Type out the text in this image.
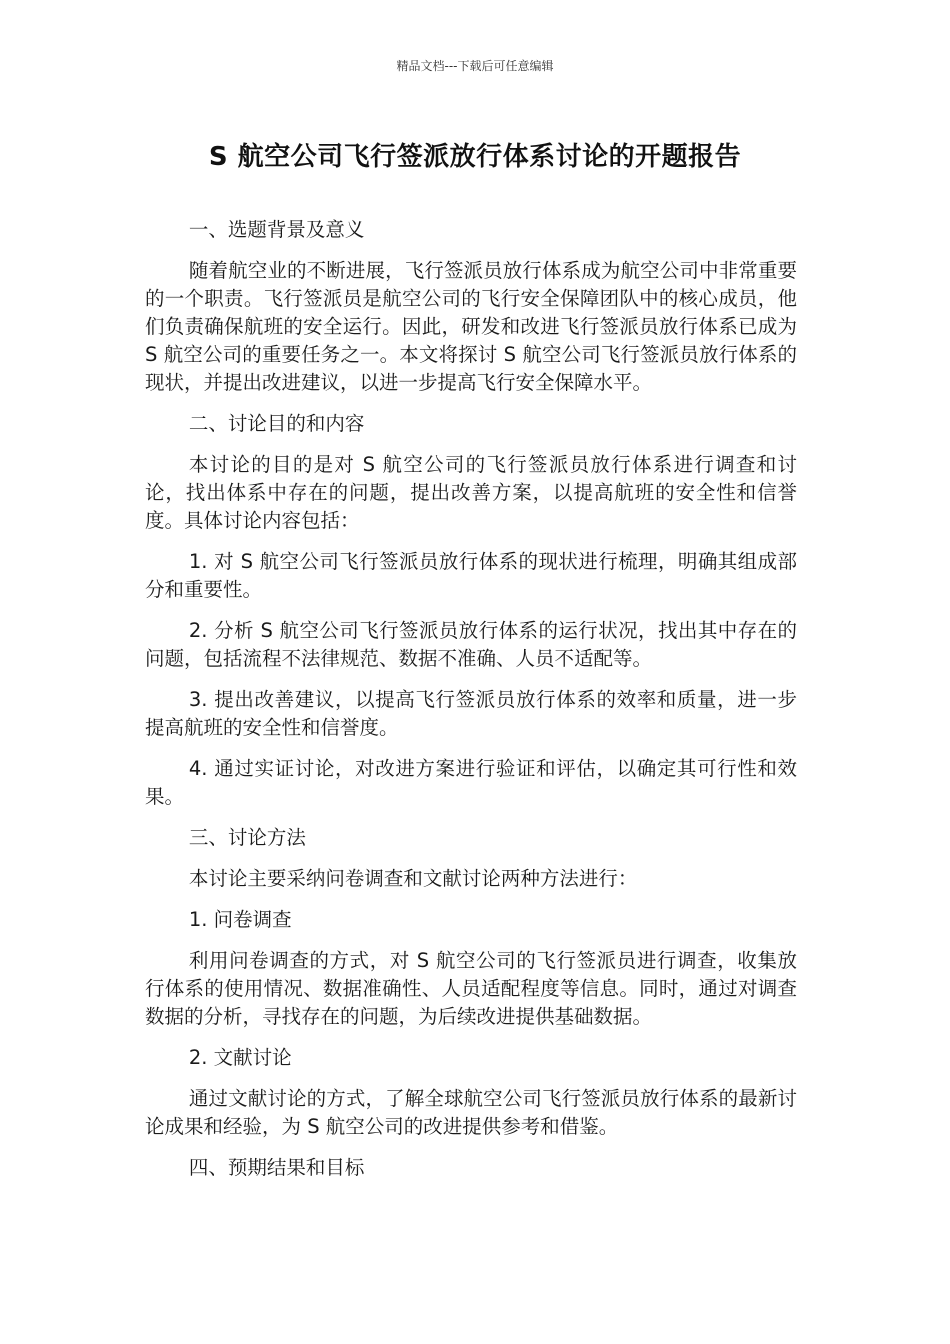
精品文档---下载后可任意编辑
S 航空公司飞行签派放行体系讨论的开题报告

一、选题背景及意义

随着航空业的不断进展，飞行签派员放行体系成为航空公司中非常重要的一个职责。飞行签派员是航空公司的飞行安全保障团队中的核心成员，他们负责确保航班的安全运行。因此，研发和改进飞行签派员放行体系已成为 S 航空公司的重要任务之一。本文将探讨 S 航空公司飞行签派员放行体系的现状，并提出改进建议，以进一步提高飞行安全保障水平。

二、讨论目的和内容

本讨论的目的是对 S 航空公司的飞行签派员放行体系进行调查和讨论，找出体系中存在的问题，提出改善方案，以提高航班的安全性和信誉度。具体讨论内容包括：

1. 对 S 航空公司飞行签派员放行体系的现状进行梳理，明确其组成部分和重要性。

2. 分析 S 航空公司飞行签派员放行体系的运行状况，找出其中存在的问题，包括流程不法律规范、数据不准确、人员不适配等。

3. 提出改善建议，以提高飞行签派员放行体系的效率和质量，进一步提高航班的安全性和信誉度。

4. 通过实证讨论，对改进方案进行验证和评估，以确定其可行性和效果。

三、讨论方法

本讨论主要采纳问卷调查和文献讨论两种方法进行：

1. 问卷调查

利用问卷调查的方式，对 S 航空公司的飞行签派员进行调查，收集放行体系的使用情况、数据准确性、人员适配程度等信息。同时，通过对调查数据的分析，寻找存在的问题，为后续改进提供基础数据。

2. 文献讨论

通过文献讨论的方式，了解全球航空公司飞行签派员放行体系的最新讨论成果和经验，为 S 航空公司的改进提供参考和借鉴。

四、预期结果和目标
